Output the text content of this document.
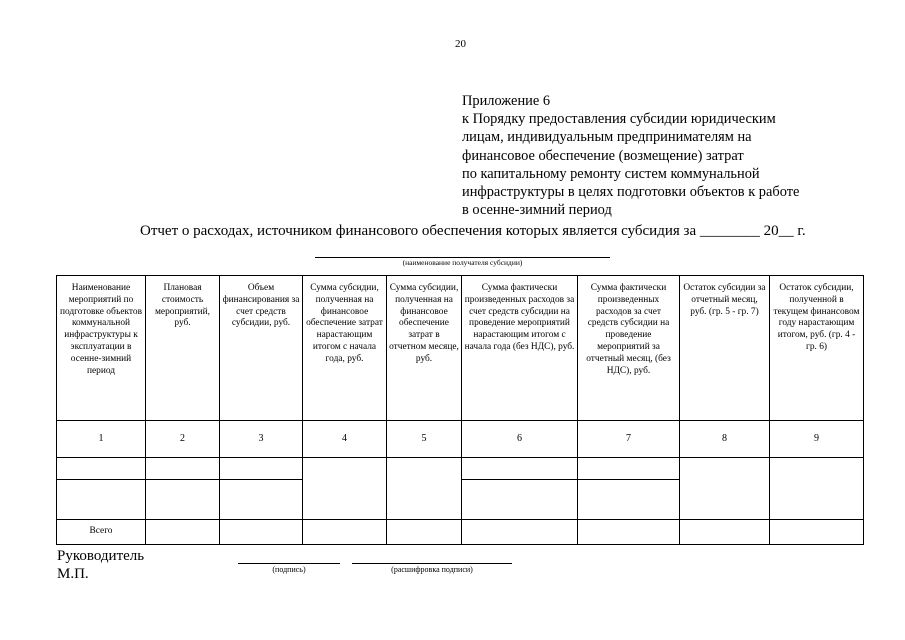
20
Приложение 6
к Порядку предоставления субсидии юридическим
лицам, индивидуальным предпринимателям на
финансовое обеспечение (возмещение) затрат
по капитальному ремонту систем коммунальной
инфраструктуры в целях подготовки объектов к работе
в осенне-зимний период
Отчет о расходах, источником финансового обеспечения которых является субсидия за ________ 20__ г.
(наименование получателя субсидии)
Наименование мероприятий по подготовке объектов коммунальной инфраструктуры к эксплуатации в осенне-зимний период	Плановая стоимость мероприятий, руб.	Объем финансирования за счет средств субсидии, руб.	Сумма субсидии, полученная на финансовое обеспечение затрат нарастающим итогом с начала года, руб.	Сумма субсидии, полученная на финансовое обеспечение затрат в отчетном месяце, руб.	Сумма фактически произведенных расходов за счет средств субсидии на проведение мероприятий нарастающим итогом с начала года (без НДС), руб.	Сумма фактически произведенных расходов за счет средств субсидии на проведение мероприятий за отчетный месяц, (без НДС), руб.	Остаток субсидии за отчетный месяц, руб. (гр. 5 - гр. 7)	Остаток субсидии, полученной в текущем финансовом году нарастающим итогом, руб. (гр. 4 - гр. 6)
1	2	3	4	5	6	7	8	9

Всего								
Руководитель
М.П.	(подпись)	(расшифровка подписи)
